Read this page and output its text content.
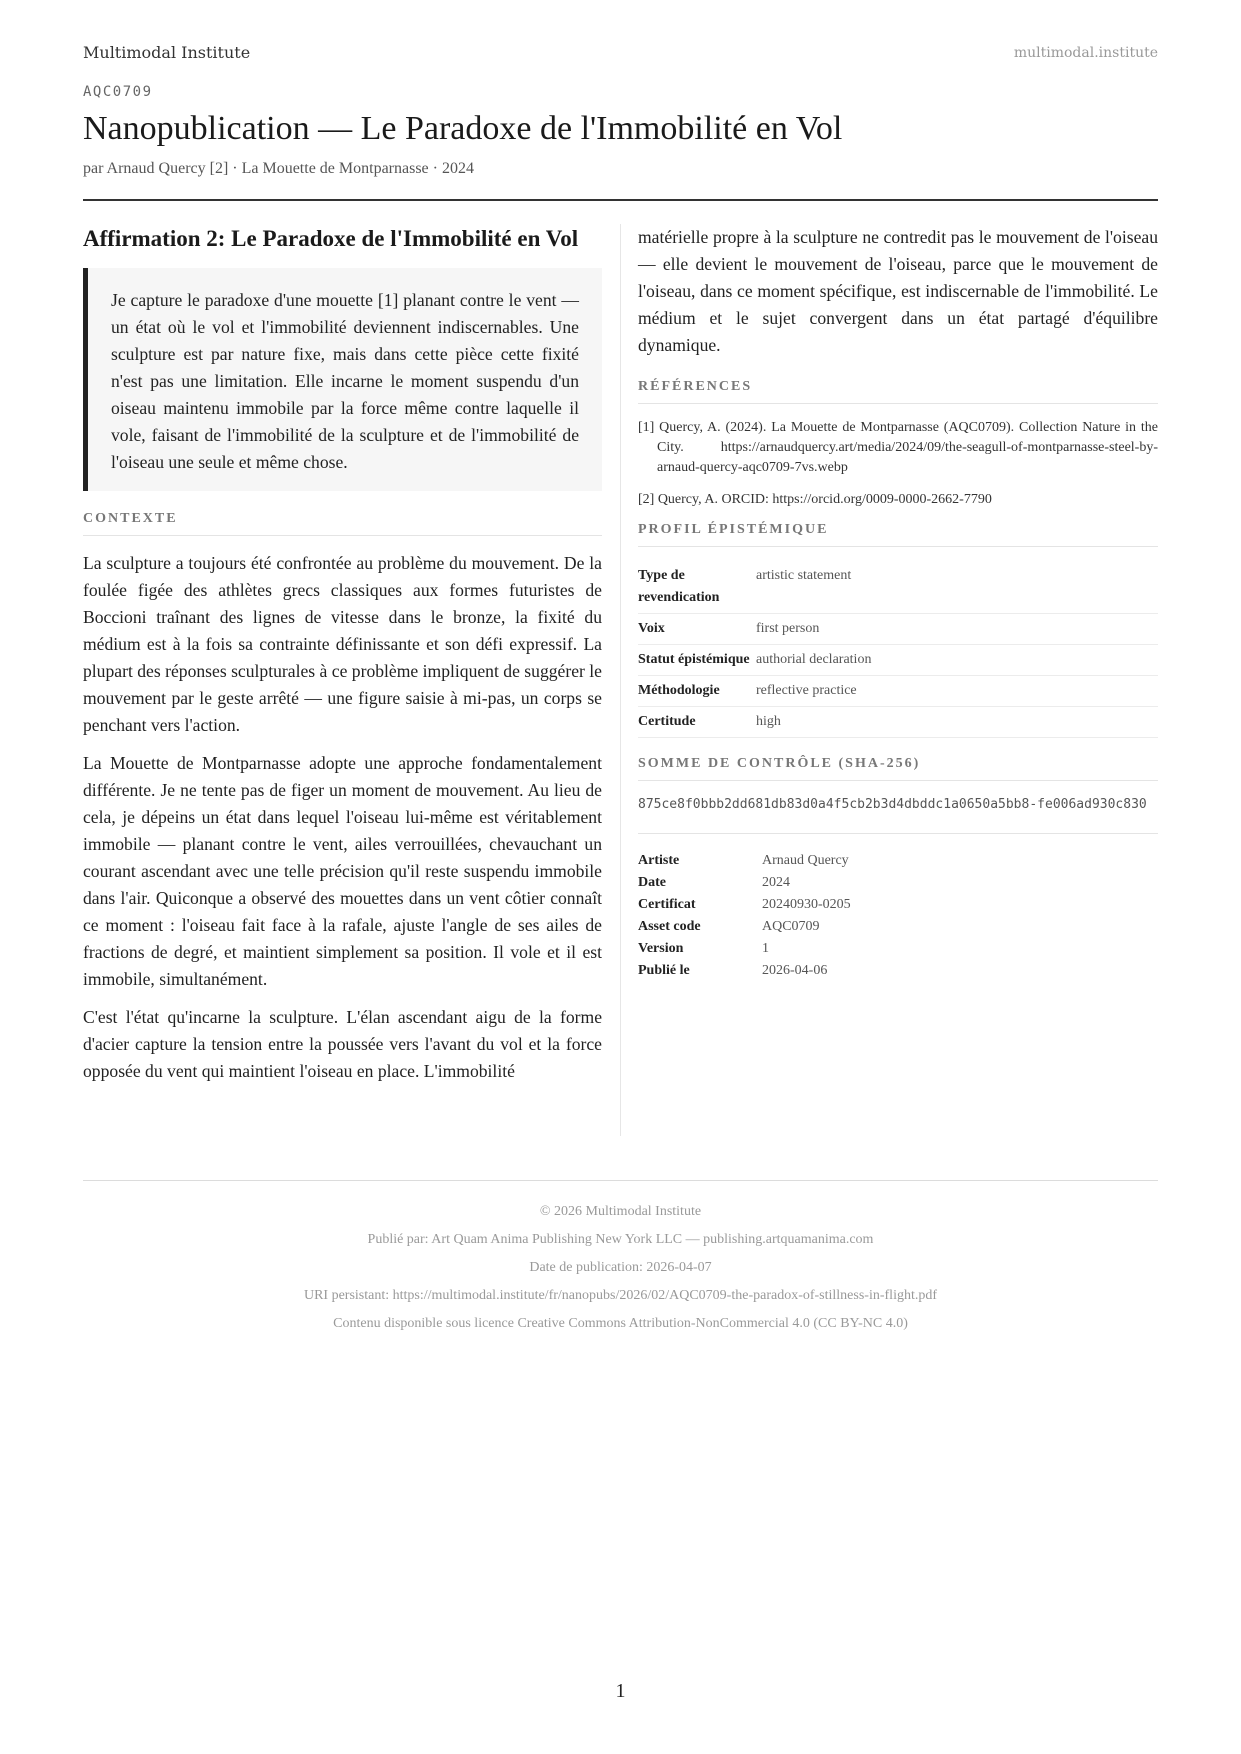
Multimodal Institute	multimodal.institute
AQC0709
Nanopublication — Le Paradoxe de l'Immobilité en Vol
par Arnaud Quercy [2] · La Mouette de Montparnasse · 2024
Affirmation 2: Le Paradoxe de l'Immobilité en Vol

Je capture le paradoxe d'une mouette [1] planant contre le vent — un état où le vol et l'immobilité deviennent indiscernables. Une sculpture est par nature fixe, mais dans cette pièce cette fixité n'est pas une limitation. Elle incarne le moment suspendu d'un oiseau maintenu immobile par la force même contre laquelle il vole, faisant de l'immobilité de la sculpture et de l'immobilité de l'oiseau une seule et même chose.

CONTEXTE

La sculpture a toujours été confrontée au problème du mouvement. De la foulée figée des athlètes grecs classiques aux formes futuristes de Boccioni traînant des lignes de vitesse dans le bronze, la fixité du médium est à la fois sa contrainte définissante et son défi expressif. La plupart des réponses sculpturales à ce problème impliquent de suggérer le mouvement par le geste arrêté — une figure saisie à mi-pas, un corps se penchant vers l'action.

La Mouette de Montparnasse adopte une approche fondamentalement différente. Je ne tente pas de figer un moment de mouvement. Au lieu de cela, je dépeins un état dans lequel l'oiseau lui-même est véritablement immobile — planant contre le vent, ailes verrouillées, chevauchant un courant ascendant avec une telle précision qu'il reste suspendu immobile dans l'air. Quiconque a observé des mouettes dans un vent côtier connaît ce moment : l'oiseau fait face à la rafale, ajuste l'angle de ses ailes de fractions de degré, et maintient simplement sa position. Il vole et il est immobile, simultanément.

C'est l'état qu'incarne la sculpture. L'élan ascendant aigu de la forme d'acier capture la tension entre la poussée vers l'avant du vol et la force opposée du vent qui maintient l'oiseau en place. L'immobilité

matérielle propre à la sculpture ne contredit pas le mouvement de l'oiseau — elle devient le mouvement de l'oiseau, parce que le mouvement de l'oiseau, dans ce moment spécifique, est indiscernable de l'immobilité. Le médium et le sujet convergent dans un état partagé d'équilibre dynamique.

RÉFÉRENCES
[1] Quercy, A. (2024). La Mouette de Montparnasse (AQC0709). Collection Nature in the City. https://arnaudquercy.art/media/2024/09/the-seagull-of-montparnasse-steel-by-arnaud-quercy-aqc0709-7vs.webp
[2] Quercy, A. ORCID: https://orcid.org/0009-0000-2662-7790
PROFIL ÉPISTÉMIQUE
Type de revendication	artistic statement
Voix	first person
Statut épistémique	authorial declaration
Méthodologie	reflective practice
Certitude	high
SOMME DE CONTRÔLE (SHA-256)
875ce8f0bbb2dd681db83d0a4f5cb2b3d4dbddc1a0650a5bb8-fe006ad930c830
Artiste	Arnaud Quercy
Date	2024
Certificat	20240930-0205
Asset code	AQC0709
Version	1
Publié le	2026-04-06
© 2026 Multimodal Institute
Publié par: Art Quam Anima Publishing New York LLC — publishing.artquamanima.com
Date de publication: 2026-04-07
URI persistant: https://multimodal.institute/fr/nanopubs/2026/02/AQC0709-the-paradox-of-stillness-in-flight.pdf
Contenu disponible sous licence Creative Commons Attribution-NonCommercial 4.0 (CC BY-NC 4.0)
1
